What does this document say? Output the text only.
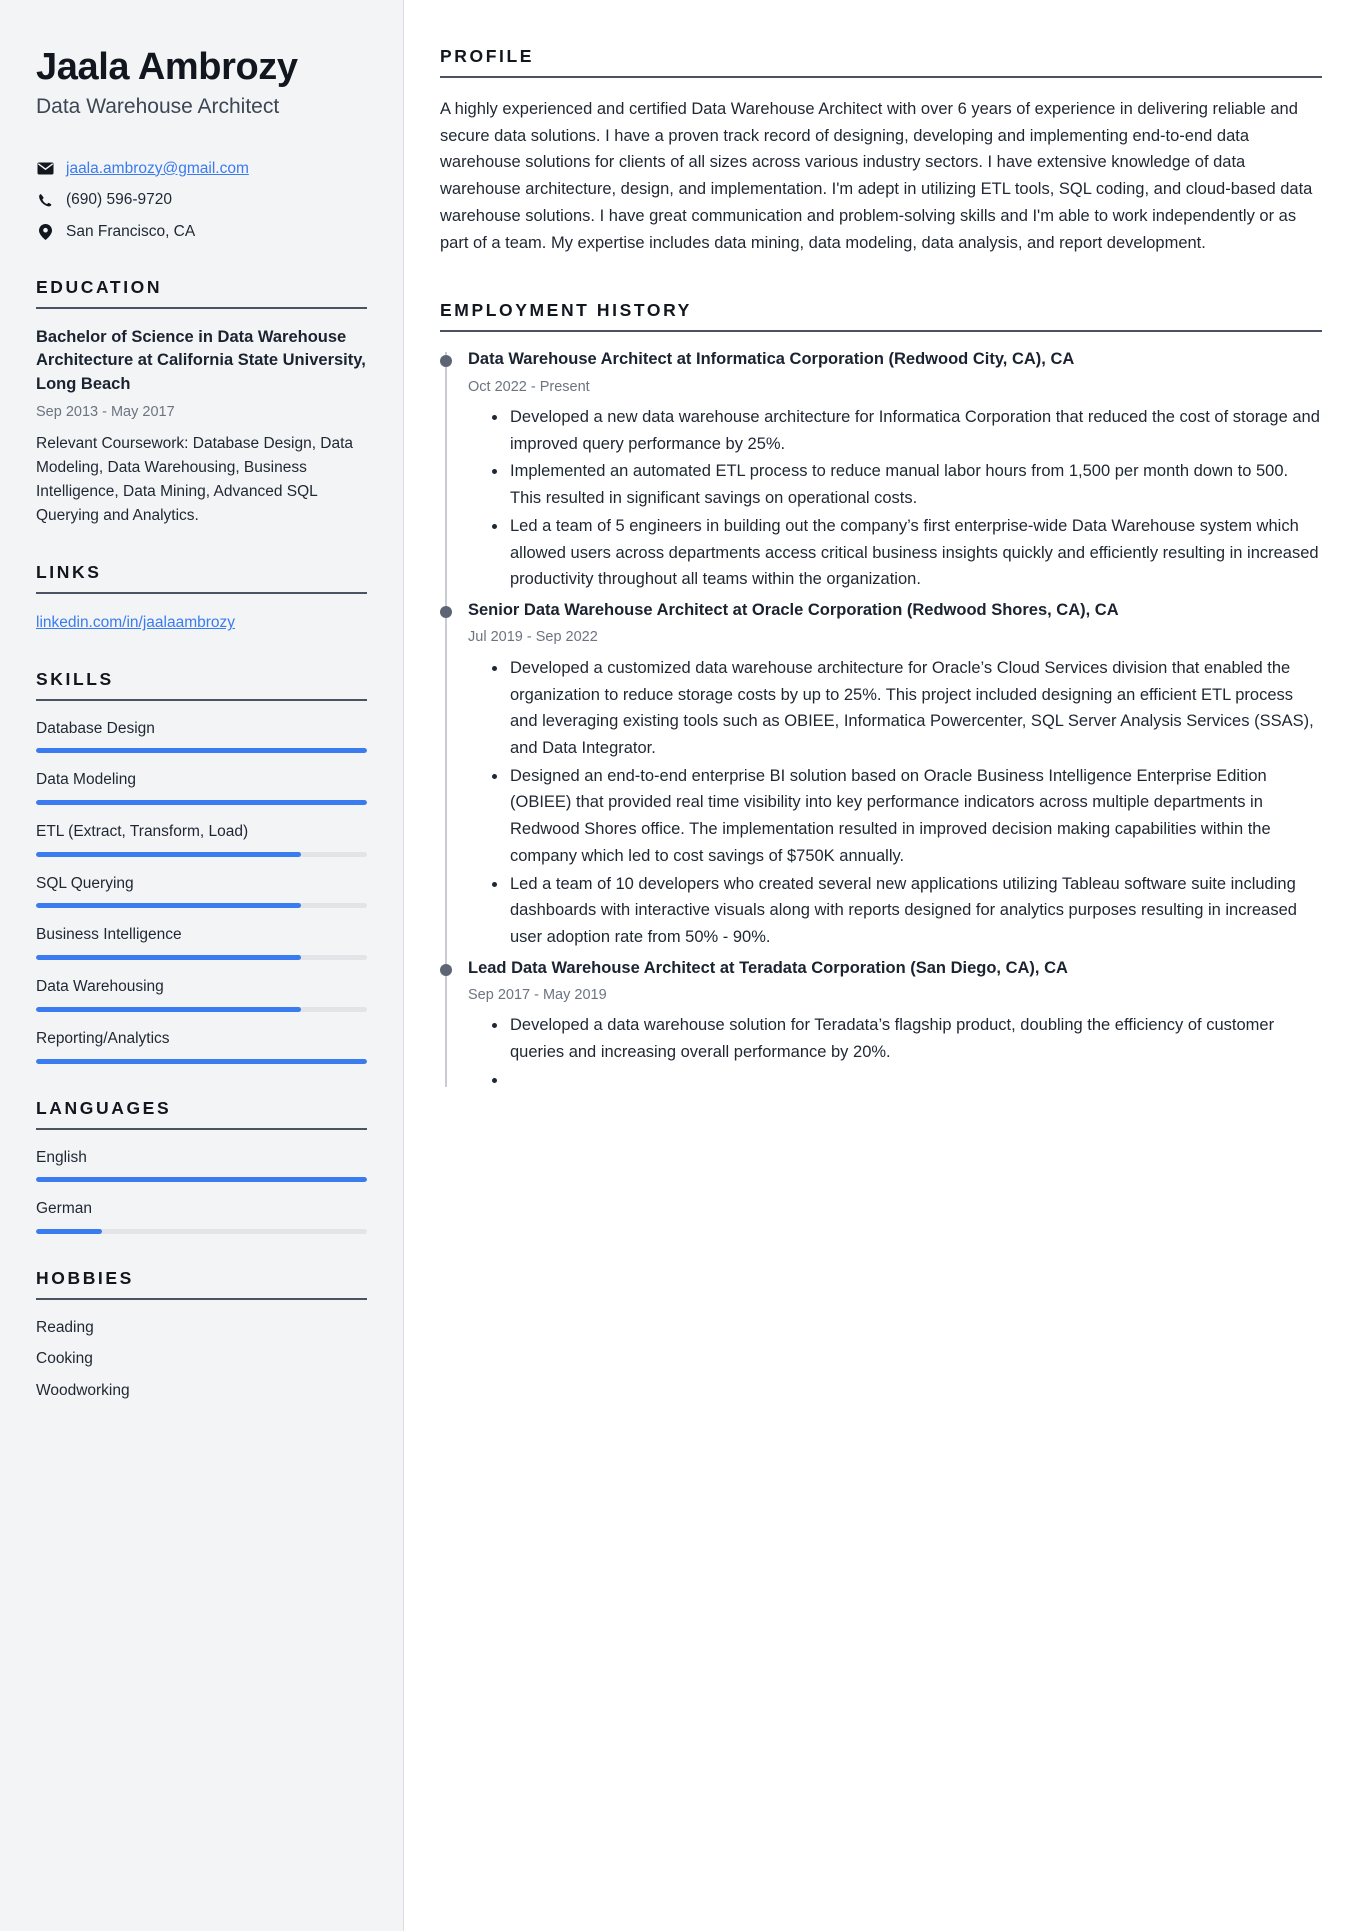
Jaala Ambrozy
Data Warehouse Architect
jaala.ambrozy@gmail.com
(690) 596-9720
San Francisco, CA
EDUCATION
Bachelor of Science in Data Warehouse Architecture at California State University, Long Beach
Sep 2013 - May 2017
Relevant Coursework: Database Design, Data Modeling, Data Warehousing, Business Intelligence, Data Mining, Advanced SQL Querying and Analytics.
LINKS
linkedin.com/in/jaalaambrozy
SKILLS
Database Design
Data Modeling
ETL (Extract, Transform, Load)
SQL Querying
Business Intelligence
Data Warehousing
Reporting/Analytics
LANGUAGES
English
German
HOBBIES
Reading
Cooking
Woodworking
PROFILE

A highly experienced and certified Data Warehouse Architect with over 6 years of experience in delivering reliable and secure data solutions. I have a proven track record of designing, developing and implementing end-to-end data warehouse solutions for clients of all sizes across various industry sectors. I have extensive knowledge of data warehouse architecture, design, and implementation. I'm adept in utilizing ETL tools, SQL coding, and cloud-based data warehouse solutions. I have great communication and problem-solving skills and I'm able to work independently or as part of a team. My expertise includes data mining, data modeling, data analysis, and report development.

EMPLOYMENT HISTORY
Data Warehouse Architect at Informatica Corporation (Redwood City, CA), CA
Oct 2022 - Present
Developed a new data warehouse architecture for Informatica Corporation that reduced the cost of storage and improved query performance by 25%.
Implemented an automated ETL process to reduce manual labor hours from 1,500 per month down to 500. This resulted in significant savings on operational costs.
Led a team of 5 engineers in building out the company’s first enterprise-wide Data Warehouse system which allowed users across departments access critical business insights quickly and efficiently resulting in increased productivity throughout all teams within the organization.
Senior Data Warehouse Architect at Oracle Corporation (Redwood Shores, CA), CA
Jul 2019 - Sep 2022
Developed a customized data warehouse architecture for Oracle’s Cloud Services division that enabled the organization to reduce storage costs by up to 25%. This project included designing an efficient ETL process and leveraging existing tools such as OBIEE, Informatica Powercenter, SQL Server Analysis Services (SSAS), and Data Integrator.
Designed an end-to-end enterprise BI solution based on Oracle Business Intelligence Enterprise Edition (OBIEE) that provided real time visibility into key performance indicators across multiple departments in Redwood Shores office. The implementation resulted in improved decision making capabilities within the company which led to cost savings of $750K annually.
Led a team of 10 developers who created several new applications utilizing Tableau software suite including dashboards with interactive visuals along with reports designed for analytics purposes resulting in increased user adoption rate from 50% - 90%.
Lead Data Warehouse Architect at Teradata Corporation (San Diego, CA), CA
Sep 2017 - May 2019
Developed a data warehouse solution for Teradata’s flagship product, doubling the efficiency of customer queries and increasing overall performance by 20%.
